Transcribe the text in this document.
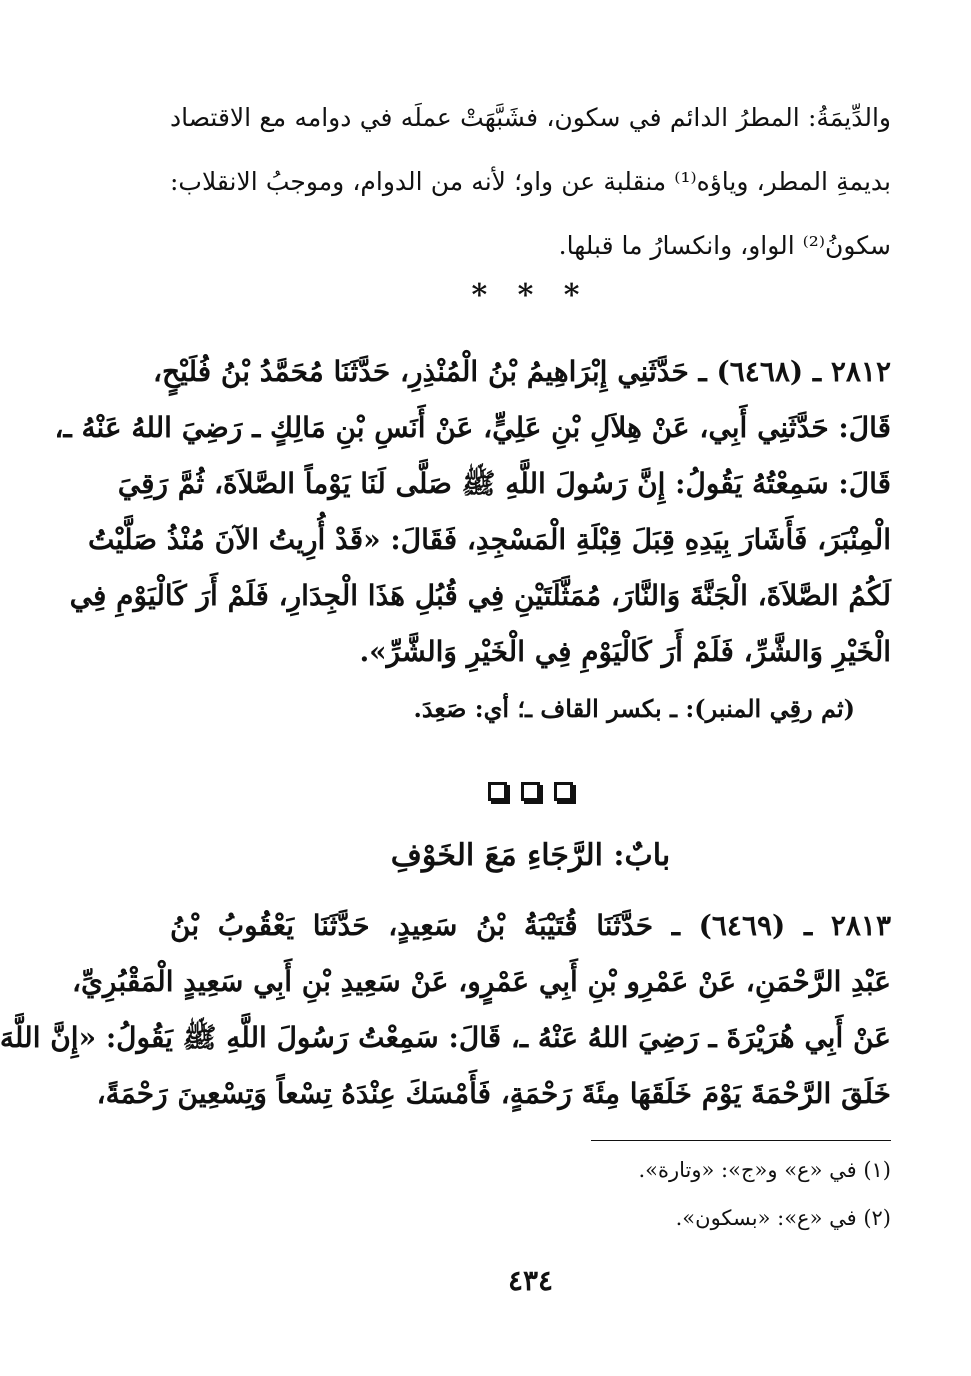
والدِّيمَةُ: المطرُ الدائم في سكون، فشَبَّهَتْ عملَه في دوامه مع الاقتصاد
بديمةِ المطر، وياؤه⁽¹⁾ منقلبة عن واو؛ لأنه من الدوام، وموجبُ الانقلاب:
سكونُ⁽²⁾ الواو، وانكسارُ ما قبلها.
* * *
٢٨١٢ ـ (٦٤٦٨) ـ حَدَّثَنِي إِبْرَاهِيمُ بْنُ الْمُنْذِرِ، حَدَّثَنَا مُحَمَّدُ بْنُ فُلَيْحٍ،
قَالَ: حَدَّثَنِي أَبِي، عَنْ هِلاَلِ بْنِ عَلِيٍّ، عَنْ أَنَسِ بْنِ مَالِكٍ ـ رَضِيَ اللهُ عَنْهُ ـ،
قَالَ: سَمِعْتُهُ يَقُولُ: إِنَّ رَسُولَ اللَّهِ ﷺ صَلَّى لَنَا يَوْماً الصَّلاَةَ، ثُمَّ رَقِيَ
الْمِنْبَرَ، فَأَشَارَ بِيَدِهِ قِبَلَ قِبْلَةِ الْمَسْجِدِ، فَقَالَ: «قَدْ أُرِيتُ الآنَ مُنْذُ صَلَّيْتُ
لَكُمُ الصَّلاَةَ، الْجَنَّةَ وَالنَّارَ، مُمَثَّلَتَيْنِ فِي قُبُلِ هَذَا الْجِدَارِ، فَلَمْ أَرَ كَالْيَوْمِ فِي
الْخَيْرِ وَالشَّرِّ، فَلَمْ أَرَ كَالْيَوْمِ فِي الْخَيْرِ وَالشَّرِّ».
(ثم رقِي المنبر): ـ بكسر القاف ـ؛ أي: صَعِدَ.
بابٌ: الرَّجَاءِ مَعَ الخَوْفِ
٢٨١٣ ـ (٦٤٦٩) ـ حَدَّثَنَا قُتَيْبَةُ بْنُ سَعِيدٍ، حَدَّثَنَا يَعْقُوبُ بْنُ
عَبْدِ الرَّحْمَنِ، عَنْ عَمْرِو بْنِ أَبِي عَمْرٍو، عَنْ سَعِيدِ بْنِ أَبِي سَعِيدٍ الْمَقْبُرِيِّ،
عَنْ أَبِي هُرَيْرَةَ ـ رَضِيَ اللهُ عَنْهُ ـ، قَالَ: سَمِعْتُ رَسُولَ اللَّهِ ﷺ يَقُولُ: «إِنَّ اللَّهَ
خَلَقَ الرَّحْمَةَ يَوْمَ خَلَقَهَا مِئَةَ رَحْمَةٍ، فَأَمْسَكَ عِنْدَهُ تِسْعاً وَتِسْعِينَ رَحْمَةً،
(١) في «ع» و«ج»: «وتارة».
(٢) في «ع»: «بسكون».
٤٣٤
